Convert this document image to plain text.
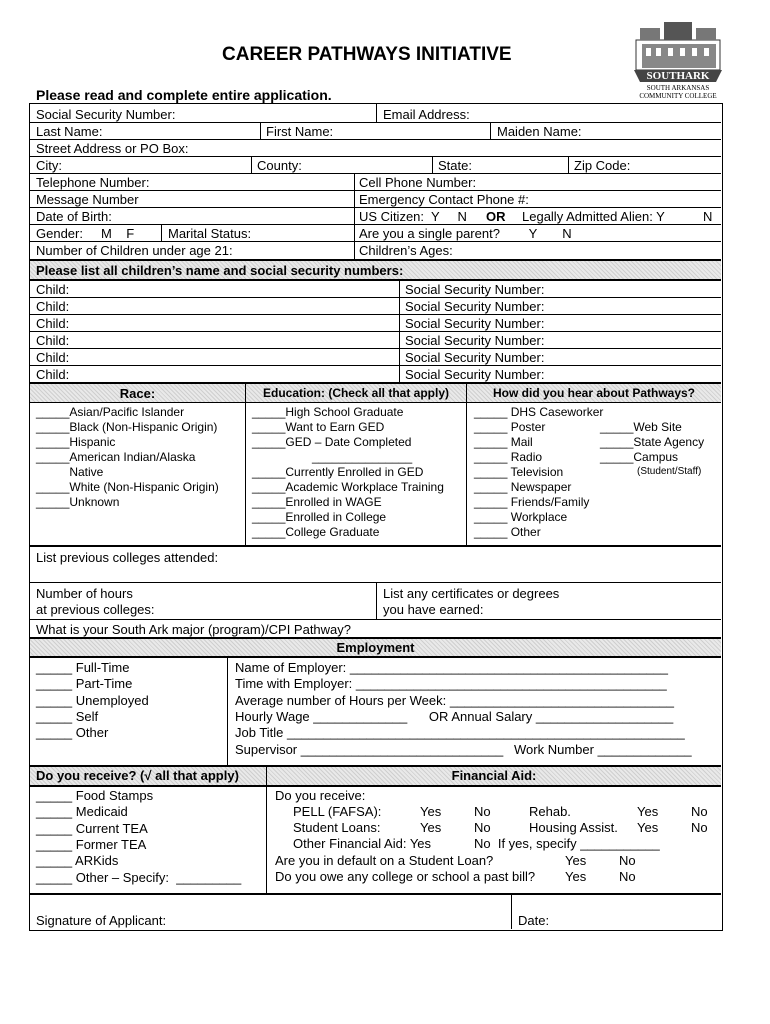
CAREER PATHWAYS INITIATIVE
SOUTHARK
SOUTH ARKANSAS
COMMUNITY COLLEGE
Please read and complete entire application.
Social Security Number:	Email Address:
Last Name:	First Name:	Maiden Name:
Street Address or PO Box:
City:	County:	State:	Zip Code:
Telephone Number:	Cell Phone Number:
Message Number	Emergency Contact Phone #:
Date of Birth:	US Citizen:  Y     N OR Legally Admitted Alien: Y	N
Gender:     M    F	Marital Status:	Are you a single parent?        Y       N
Number of Children under age 21:	Children’s Ages:
Please list all children’s name and social security numbers:
Child:	Social Security Number:
Child:	Social Security Number:
Child:	Social Security Number:
Child:	Social Security Number:
Child:	Social Security Number:
Child:	Social Security Number:
Race:	Education: (Check all that apply)	How did you hear about Pathways?
_____Asian/Pacific Islander
_____Black (Non-Hispanic Origin)
_____Hispanic
_____American Indian/Alaska
Native
_____White (Non-Hispanic Origin)
_____Unknown
_____High School Graduate
_____Want to Earn GED
_____GED – Date Completed
_______________
_____Currently Enrolled in GED
_____Academic Workplace Training
_____Enrolled in WAGE
_____Enrolled in College
_____College Graduate
_____ DHS Caseworker
_____ Poster
_____ Mail
_____ Radio
_____ Television
_____ Newspaper
_____ Friends/Family
_____ Workplace
_____ Other
_____Web Site
_____State Agency
_____Campus
(Student/Staff)
List previous colleges attended:
Number of hours
at previous colleges:
List any certificates or degrees
you have earned:
What is your South Ark major (program)/CPI Pathway?
Employment
_____ Full-Time
_____ Part-Time
_____ Unemployed
_____ Self
_____ Other
Name of Employer: ____________________________________________
Time with Employer: ___________________________________________
Average number of Hours per Week: _______________________________
Hourly Wage _____________      OR Annual Salary ___________________
Job Title _______________________________________________________
Supervisor ____________________________   Work Number _____________
Do you receive? (√ all that apply)	Financial Aid:
_____ Food Stamps
_____ Medicaid
_____ Current TEA
_____ Former TEA
_____ ARKids
_____ Other – Specify:  _________
Do you receive:
PELL (FAFSA):	Yes	No	Rehab.	Yes	No
Student Loans:	Yes	No	Housing Assist. Yes	No
Other Financial Aid: Yes	No  If yes, specify ___________
Are you in default on a Student Loan?	Yes	No
Do you owe any college or school a past bill? Yes	No
Signature of Applicant:	Date:
